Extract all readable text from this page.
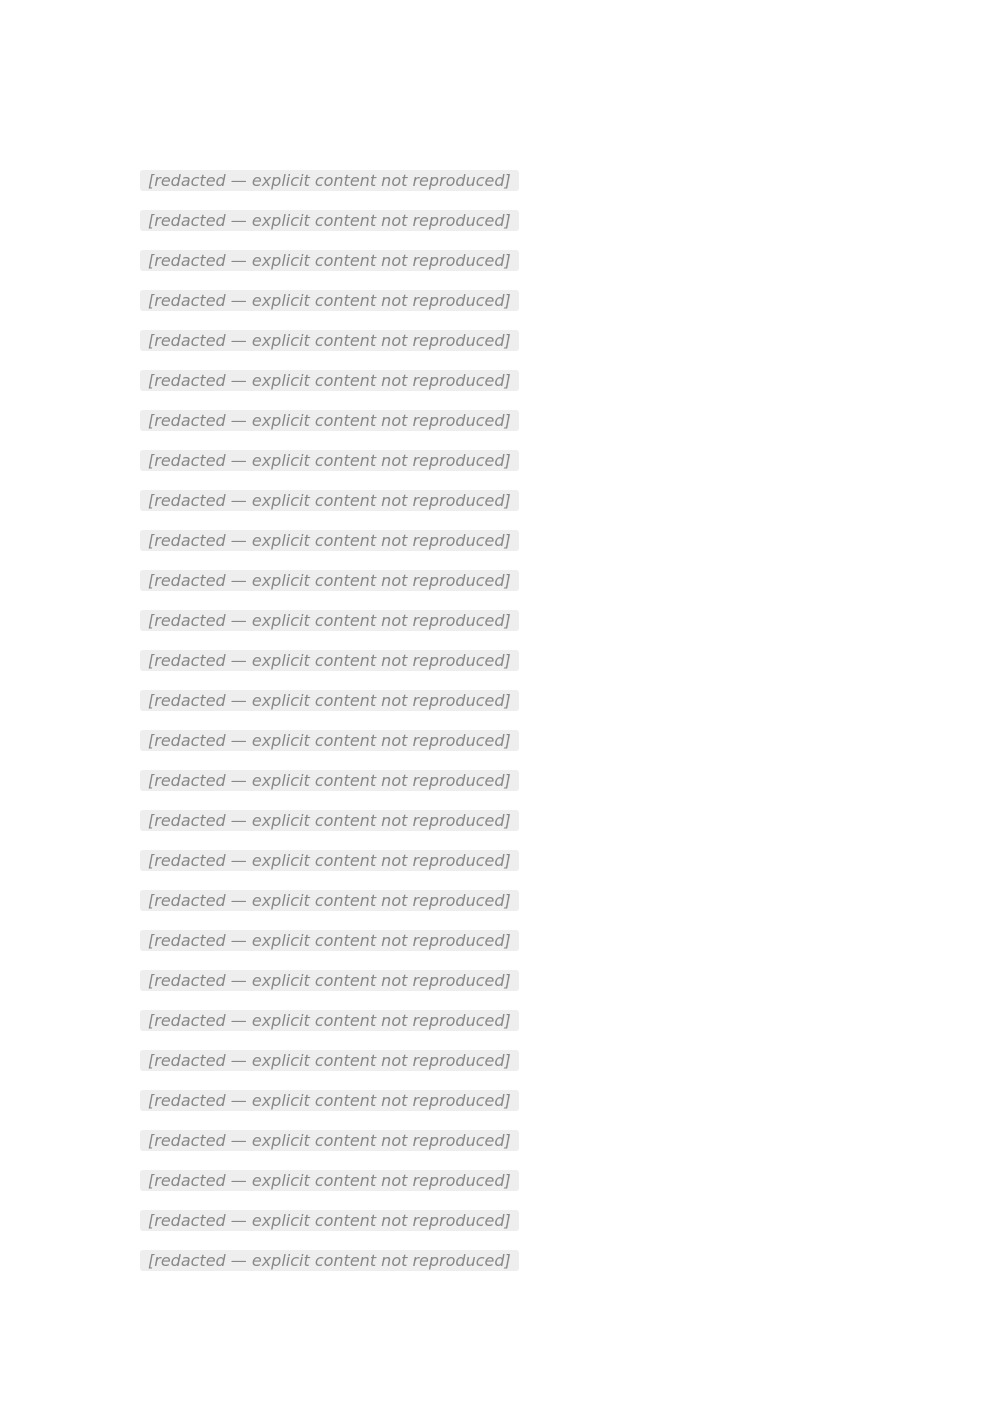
[redacted — explicit content not reproduced]
[redacted — explicit content not reproduced]
[redacted — explicit content not reproduced]
[redacted — explicit content not reproduced]
[redacted — explicit content not reproduced]
[redacted — explicit content not reproduced]
[redacted — explicit content not reproduced]
[redacted — explicit content not reproduced]
[redacted — explicit content not reproduced]
[redacted — explicit content not reproduced]
[redacted — explicit content not reproduced]
[redacted — explicit content not reproduced]
[redacted — explicit content not reproduced]
[redacted — explicit content not reproduced]
[redacted — explicit content not reproduced]
[redacted — explicit content not reproduced]
[redacted — explicit content not reproduced]
[redacted — explicit content not reproduced]
[redacted — explicit content not reproduced]
[redacted — explicit content not reproduced]
[redacted — explicit content not reproduced]
[redacted — explicit content not reproduced]
[redacted — explicit content not reproduced]
[redacted — explicit content not reproduced]
[redacted — explicit content not reproduced]
[redacted — explicit content not reproduced]
[redacted — explicit content not reproduced]
[redacted — explicit content not reproduced]
